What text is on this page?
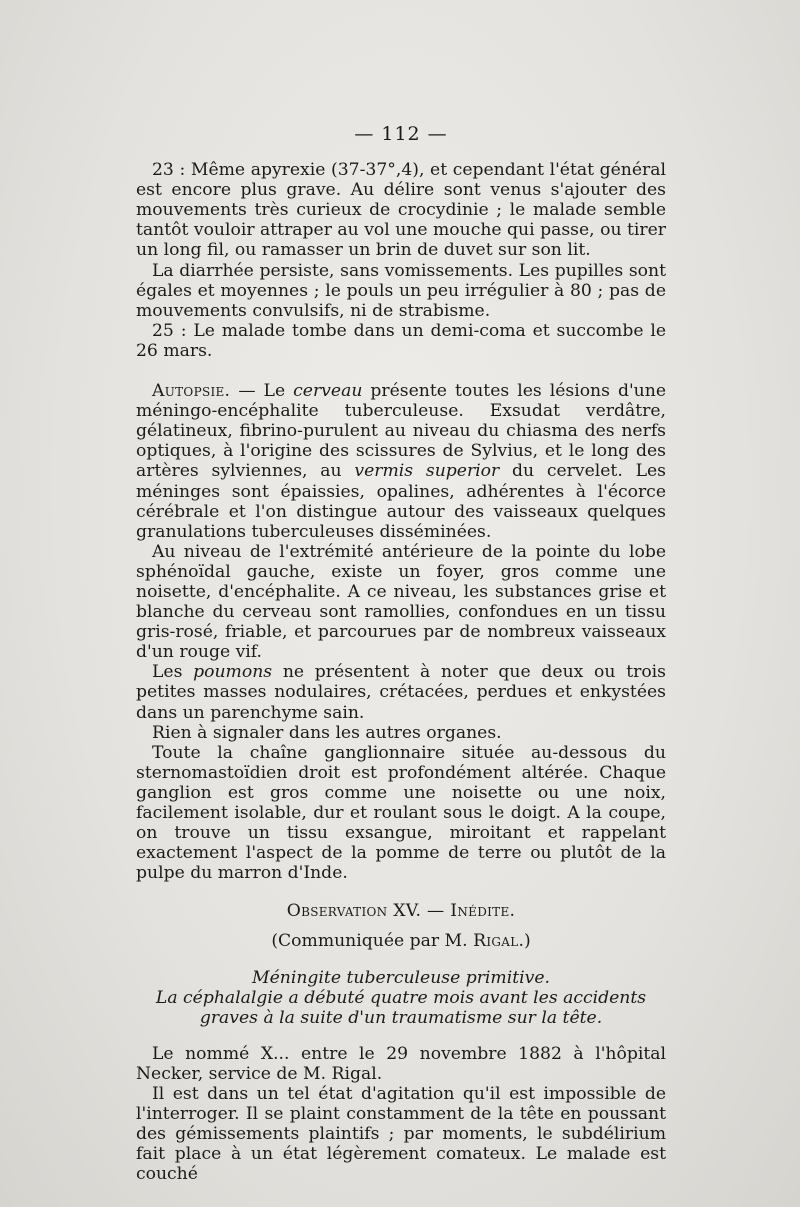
— 112 —

23 : Même apyrexie (37-37°,4), et cependant l'état général est encore plus grave. Au délire sont venus s'ajouter des mouvements très curieux de crocydinie ; le malade semble tantôt vouloir attraper au vol une mouche qui passe, ou tirer un long fil, ou ramasser un brin de duvet sur son lit.

La diarrhée persiste, sans vomissements. Les pupilles sont égales et moyennes ; le pouls un peu irrégulier à 80 ; pas de mouvements convulsifs, ni de strabisme.

25 : Le malade tombe dans un demi-coma et succombe le 26 mars.

Autopsie. — Le cerveau présente toutes les lésions d'une méningo-encéphalite tuberculeuse. Exsudat verdâtre, gélatineux, fibrino-purulent au niveau du chiasma des nerfs optiques, à l'origine des scissures de Sylvius, et le long des artères sylviennes, au vermis superior du cervelet. Les méninges sont épaissies, opalines, adhérentes à l'écorce cérébrale et l'on distingue autour des vaisseaux quelques granulations tuberculeuses disséminées.

Au niveau de l'extrémité antérieure de la pointe du lobe sphénoïdal gauche, existe un foyer, gros comme une noisette, d'encéphalite. A ce niveau, les substances grise et blanche du cerveau sont ramollies, confondues en un tissu gris-rosé, friable, et parcourues par de nombreux vaisseaux d'un rouge vif.

Les poumons ne présentent à noter que deux ou trois petites masses nodulaires, crétacées, perdues et enkystées dans un parenchyme sain.

Rien à signaler dans les autres organes.

Toute la chaîne ganglionnaire située au-dessous du sternomastoïdien droit est profondément altérée. Chaque ganglion est gros comme une noisette ou une noix, facilement isolable, dur et roulant sous le doigt. A la coupe, on trouve un tissu exsangue, miroitant et rappelant exactement l'aspect de la pomme de terre ou plutôt de la pulpe du marron d'Inde.

Observation XV. — Inédite.

(Communiquée par M. Rigal.)

Méningite tuberculeuse primitive.

La céphalalgie a débuté quatre mois avant les accidents graves à la suite d'un traumatisme sur la tête.

Le nommé X... entre le 29 novembre 1882 à l'hôpital Necker, service de M. Rigal.

Il est dans un tel état d'agitation qu'il est impossible de l'interroger. Il se plaint constamment de la tête en poussant des gémissements plaintifs ; par moments, le subdélirium fait place à un état légèrement comateux. Le malade est couché
